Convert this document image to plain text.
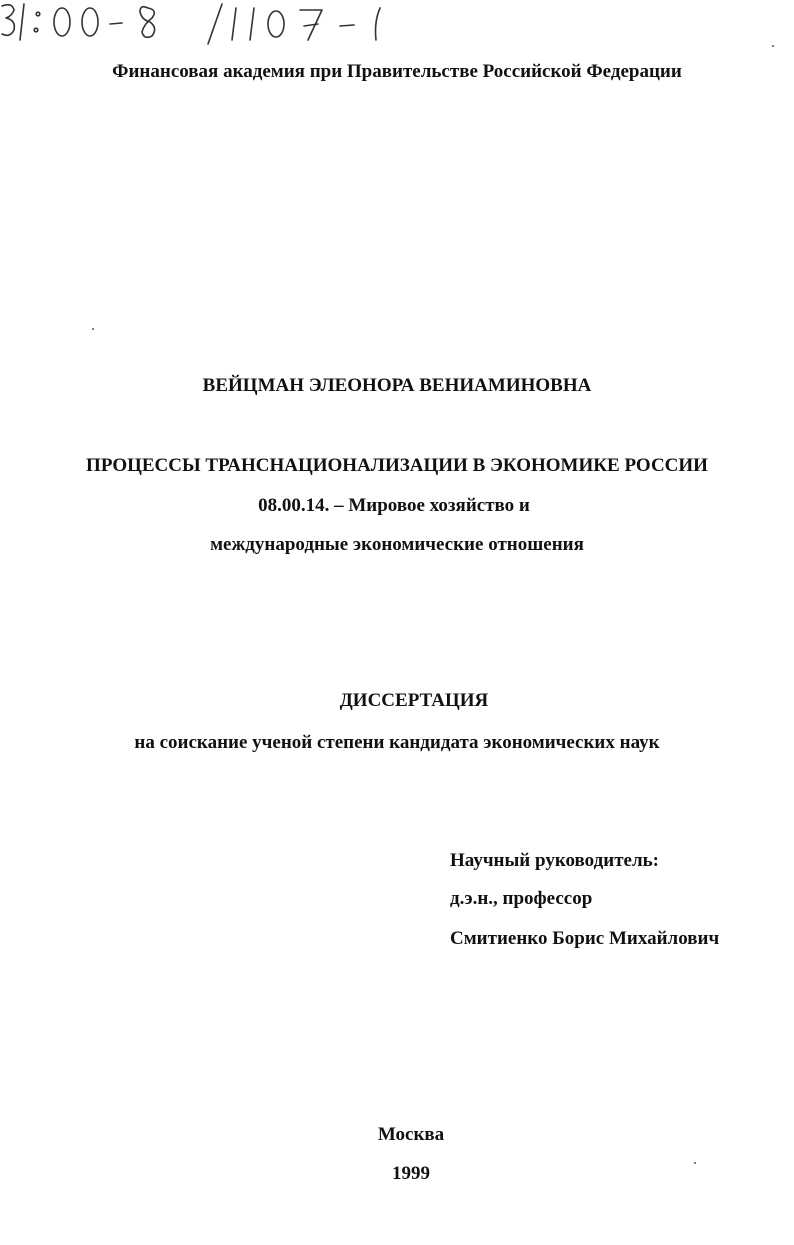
Финансовая академия при Правительстве Российской Федерации
ВЕЙЦМАН ЭЛЕОНОРА ВЕНИАМИНОВНА
ПРОЦЕССЫ ТРАНСНАЦИОНАЛИЗАЦИИ В ЭКОНОМИКЕ РОССИИ
08.00.14. – Мировое хозяйство и
международные экономические отношения
ДИССЕРТАЦИЯ
на соискание ученой степени кандидата экономических наук
Научный руководитель:
д.э.н., профессор
Смитиенко Борис Михайлович
Москва
1999
